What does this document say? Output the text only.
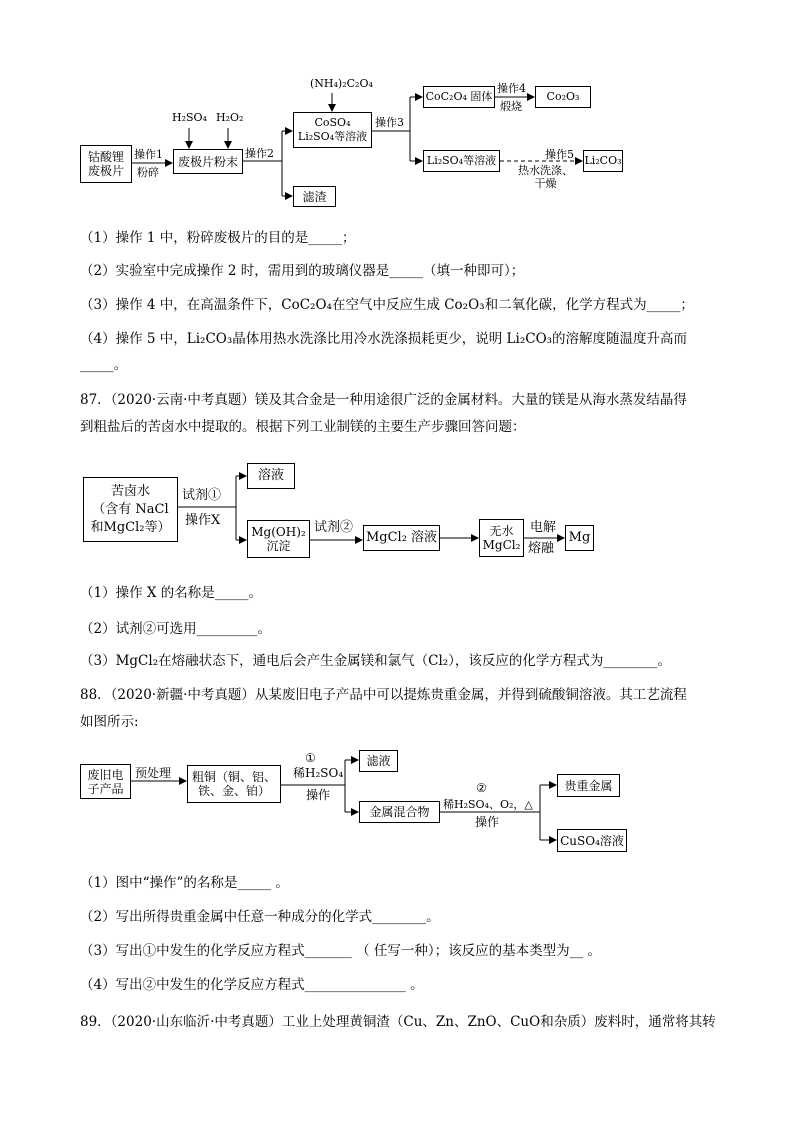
(NH₄)₂C₂O₄
H₂SO₄ H₂O₂
钴酸锂
废极片
操作1
粉碎
废极片粉末
操作2
CoSO₄
Li₂SO₄等溶液
操作3
滤渣
CoC₂O₄ 固体
操作4
煅烧
Co₂O₃
Li₂SO₄等溶液	操作5
热水洗涤、
干燥
Li₂CO₃
（1）操作 1 中，粉碎废极片的目的是_____；
（2）实验室中完成操作 2 时，需用到的玻璃仪器是_____（填一种即可）；
（3）操作 4 中，在高温条件下，CoC₂O₄在空气中反应生成 Co₂O₃和二氧化碳，化学方程式为_____；
（4）操作 5 中，Li₂CO₃晶体用热水洗涤比用冷水洗涤损耗更少，说明 Li₂CO₃的溶解度随温度升高而
_____。
87．（2020·云南·中考真题）镁及其合金是一种用途很广泛的金属材料。大量的镁是从海水蒸发结晶得
到粗盐后的苦卤水中提取的。根据下列工业制镁的主要生产步骤回答问题：
苦卤水
（含有 NaCl
和MgCl₂等）
试剂①
操作X
溶液
Mg(OH)₂
沉淀
试剂②
MgCl₂ 溶液	无水
MgCl₂
电解
熔融
Mg
（1）操作 X 的名称是_____。
（2）试剂②可选用_________。
（3）MgCl₂在熔融状态下，通电后会产生金属镁和氯气（Cl₂），该反应的化学方程式为________。
88．（2020·新疆·中考真题）从某废旧电子产品中可以提炼贵重金属，并得到硫酸铜溶液。其工艺流程
如图所示:
废旧电
子产品
预处理	粗铜（铜、铝、
铁、金、铂）
①
稀H₂SO₄
操作
滤液
金属混合物
②
稀H₂SO₄、O₂，△
操作
贵重金属
CuSO₄溶液
（1）图中“操作”的名称是_____ 。
（2）写出所得贵重金属中任意一种成分的化学式________。
（3）写出①中发生的化学反应方程式_______ （ 任写一种）；该反应的基本类型为__ 。
（4）写出②中发生的化学反应方程式_______________ 。
89．（2020·山东临沂·中考真题）工业上处理黄铜渣（Cu、Zn、ZnO、CuO和杂质）废料时，通常将其转
